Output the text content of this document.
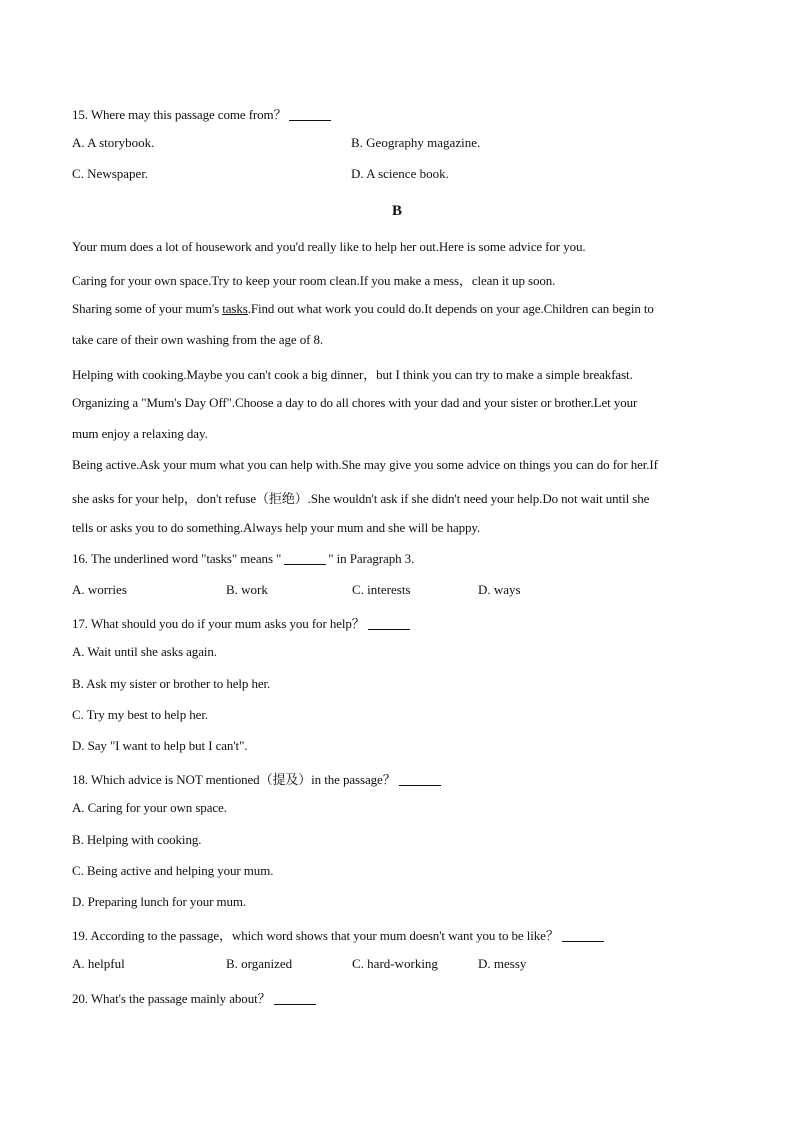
15. Where may this passage come from？
A. A storybook.	B. Geography magazine.
C. Newspaper.	D. A science book.
B
Your mum does a lot of housework and you'd really like to help her out.Here is some advice for you.
Caring for your own space.Try to keep your room clean.If you make a mess，clean it up soon.
Sharing some of your mum's tasks.Find out what work you could do.It depends on your age.Children can begin to
take care of their own washing from the age of 8.
Helping with cooking.Maybe you can't cook a big dinner，but I think you can try to make a simple breakfast.
Organizing a "Mum's Day Off".Choose a day to do all chores with your dad and your sister or brother.Let your
mum enjoy a relaxing day.
Being active.Ask your mum what you can help with.She may give you some advice on things you can do for her.If
she asks for your help，don't refuse（拒绝）.She wouldn't ask if she didn't need your help.Do not wait until she
tells or asks you to do something.Always help your mum and she will be happy.
16. The underlined word "tasks" means "	" in Paragraph 3.
A. worries	B. work	C. interests	D. ways
17. What should you do if your mum asks you for help？
A. Wait until she asks again.
B. Ask my sister or brother to help her.
C. Try my best to help her.
D. Say "I want to help but I can't".
18. Which advice is NOT mentioned（提及）in the passage？
A. Caring for your own space.
B. Helping with cooking.
C. Being active and helping your mum.
D. Preparing lunch for your mum.
19. According to the passage，which word shows that your mum doesn't want you to be like？
A. helpful	B. organized	C. hard-working	D. messy
20. What's the passage mainly about？
